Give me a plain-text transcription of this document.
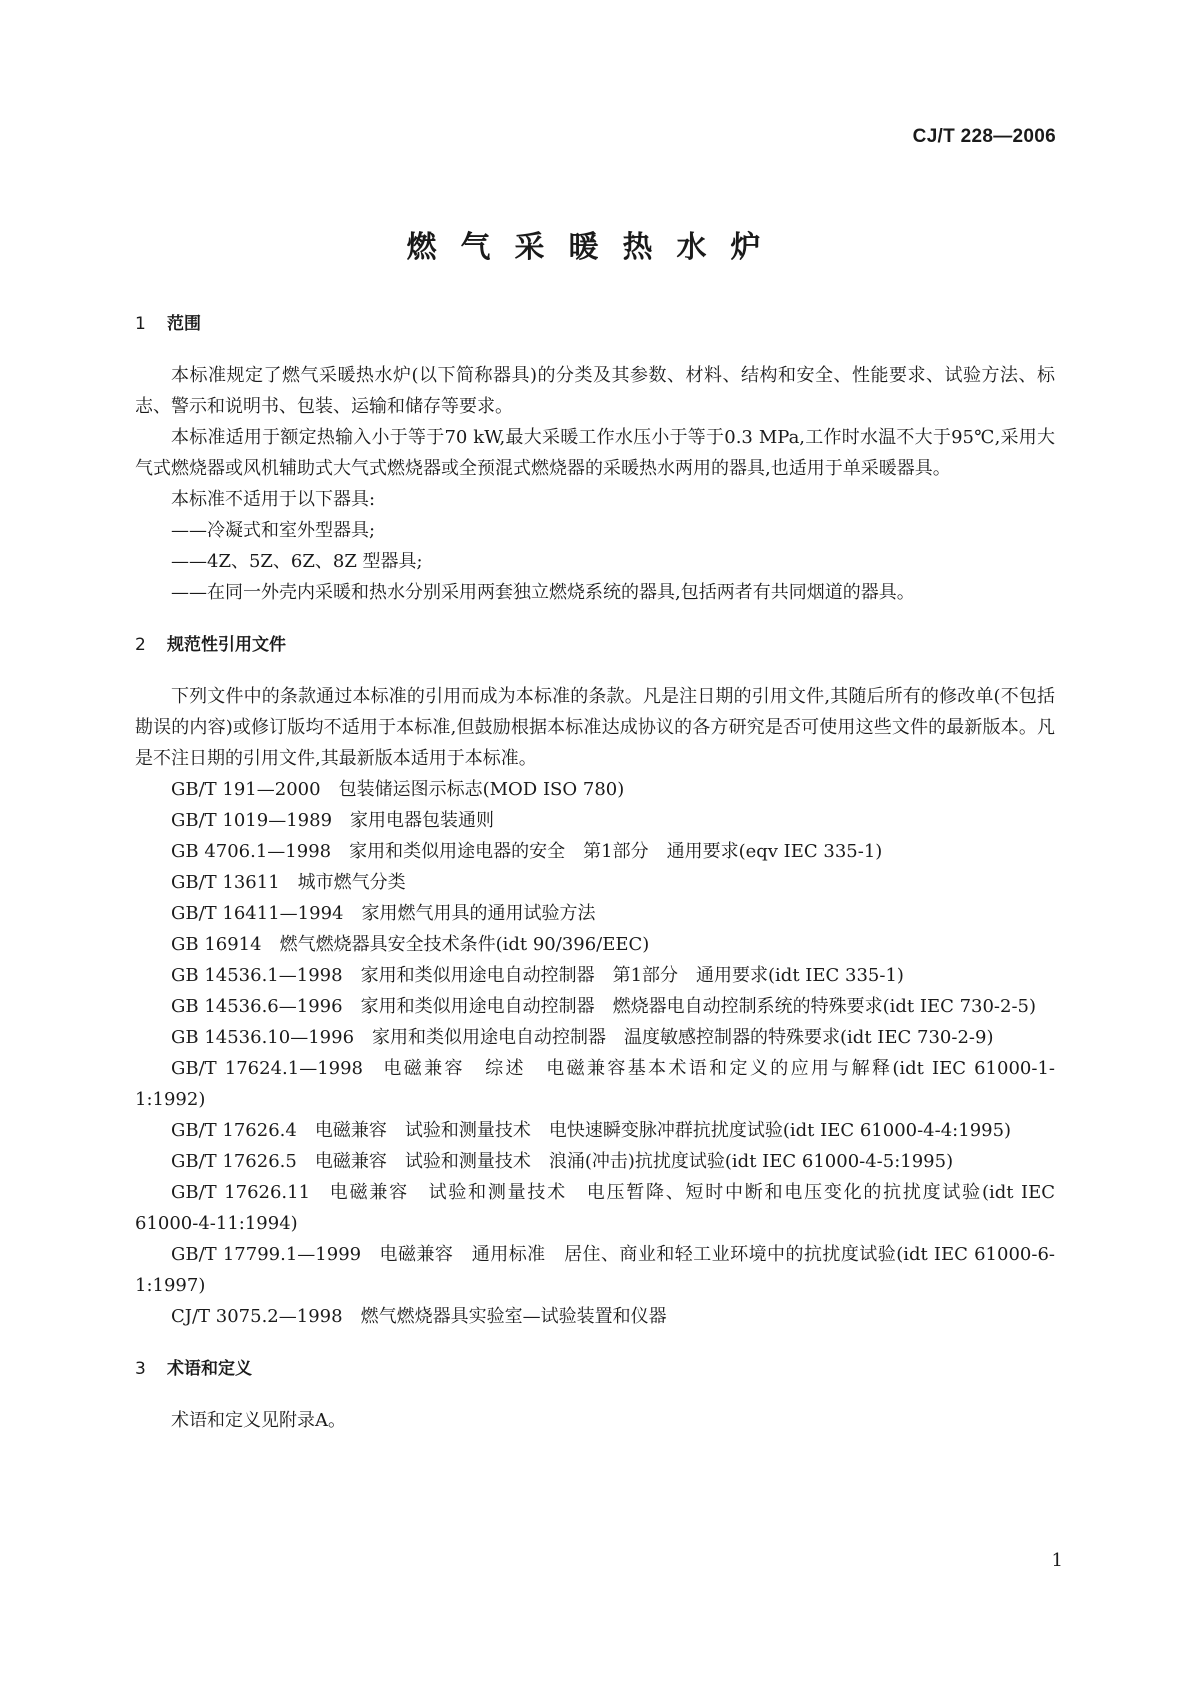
CJ/T 228—2006
燃气采暖热水炉

1 范围

本标准规定了燃气采暖热水炉(以下简称器具)的分类及其参数、材料、结构和安全、性能要求、试验方法、标志、警示和说明书、包装、运输和储存等要求。

本标准适用于额定热输入小于等于70 kW,最大采暖工作水压小于等于0.3 MPa,工作时水温不大于95℃,采用大气式燃烧器或风机辅助式大气式燃烧器或全预混式燃烧器的采暖热水两用的器具,也适用于单采暖器具。

本标准不适用于以下器具:

——冷凝式和室外型器具;

——4Z、5Z、6Z、8Z 型器具;

——在同一外壳内采暖和热水分别采用两套独立燃烧系统的器具,包括两者有共同烟道的器具。

2 规范性引用文件

下列文件中的条款通过本标准的引用而成为本标准的条款。凡是注日期的引用文件,其随后所有的修改单(不包括勘误的内容)或修订版均不适用于本标准,但鼓励根据本标准达成协议的各方研究是否可使用这些文件的最新版本。凡是不注日期的引用文件,其最新版本适用于本标准。

GB/T 191—2000 包装储运图示标志(MOD ISO 780)

GB/T 1019—1989 家用电器包装通则

GB 4706.1—1998 家用和类似用途电器的安全　第1部分　通用要求(eqv IEC 335-1)

GB/T 13611 城市燃气分类

GB/T 16411—1994 家用燃气用具的通用试验方法

GB 16914 燃气燃烧器具安全技术条件(idt 90/396/EEC)

GB 14536.1—1998 家用和类似用途电自动控制器　第1部分　通用要求(idt IEC 335-1)

GB 14536.6—1996 家用和类似用途电自动控制器　燃烧器电自动控制系统的特殊要求(idt IEC 730-2-5)

GB 14536.10—1996 家用和类似用途电自动控制器　温度敏感控制器的特殊要求(idt IEC 730-2-9)

GB/T 17624.1—1998 电磁兼容　综述　电磁兼容基本术语和定义的应用与解释(idt IEC 61000-1-1:1992)

GB/T 17626.4 电磁兼容　试验和测量技术　电快速瞬变脉冲群抗扰度试验(idt IEC 61000-4-4:1995)

GB/T 17626.5 电磁兼容　试验和测量技术　浪涌(冲击)抗扰度试验(idt IEC 61000-4-5:1995)

GB/T 17626.11 电磁兼容　试验和测量技术　电压暂降、短时中断和电压变化的抗扰度试验(idt IEC 61000-4-11:1994)

GB/T 17799.1—1999 电磁兼容　通用标准　居住、商业和轻工业环境中的抗扰度试验(idt IEC 61000-6-1:1997)

CJ/T 3075.2—1998 燃气燃烧器具实验室—试验装置和仪器

3 术语和定义

术语和定义见附录A。

1
